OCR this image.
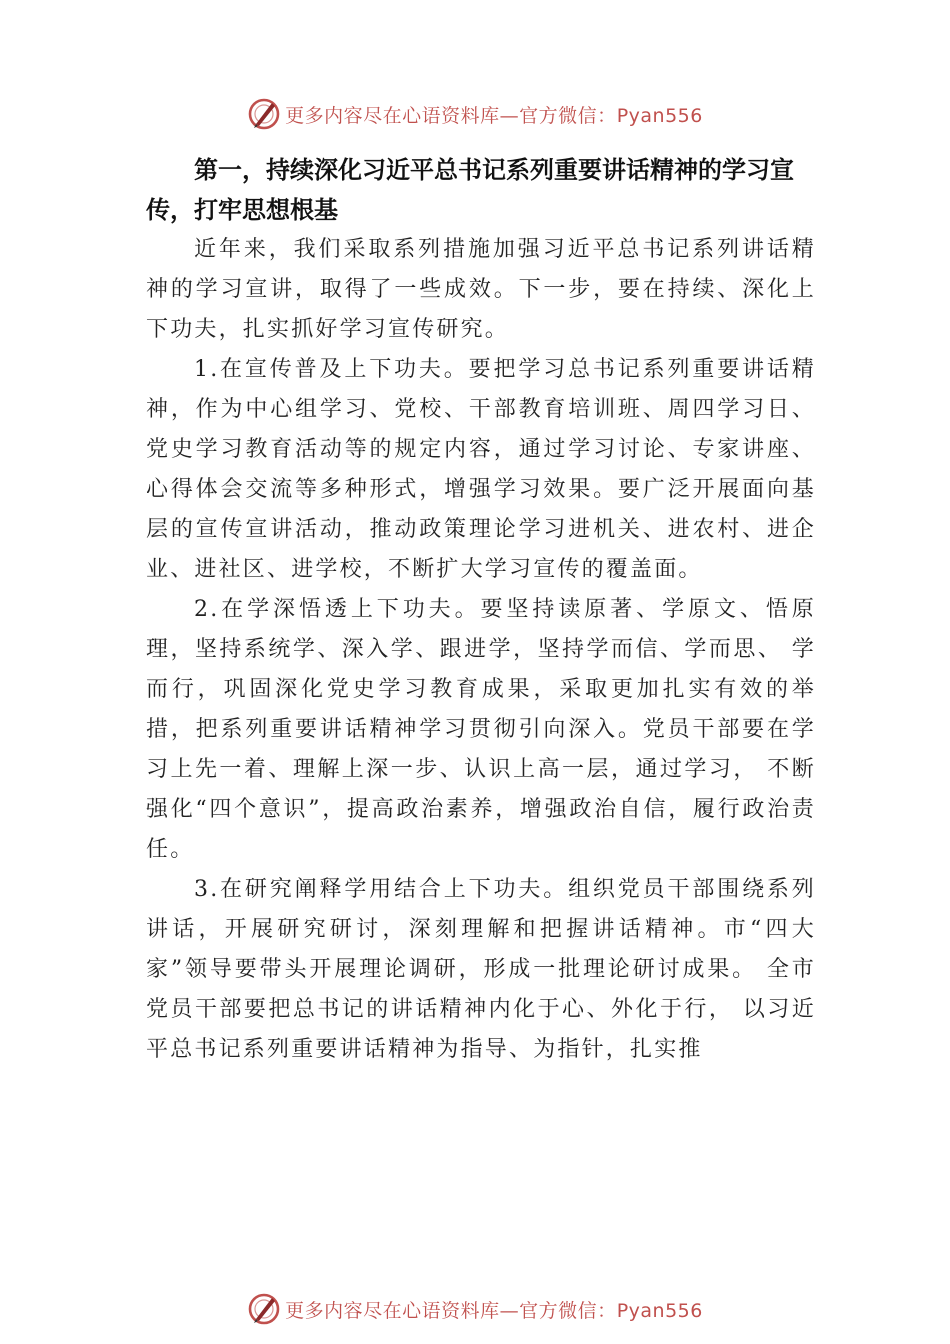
更多内容尽在心语资料库—官方微信：Pyan556

第一，持续深化习近平总书记系列重要讲话精神的学习宣传，打牢思想根基

近年来，我们采取系列措施加强习近平总书记系列讲话精神的学习宣讲，取得了一些成效。下一步，要在持续、深化上下功夫，扎实抓好学习宣传研究。

1.在宣传普及上下功夫。要把学习总书记系列重要讲话精神，作为中心组学习、党校、干部教育培训班、周四学习日、党史学习教育活动等的规定内容，通过学习讨论、专家讲座、心得体会交流等多种形式，增强学习效果。要广泛开展面向基层的宣传宣讲活动，推动政策理论学习进机关、进农村、进企业、进社区、进学校，不断扩大学习宣传的覆盖面。

2.在学深悟透上下功夫。要坚持读原著、学原文、悟原理，坚持系统学、深入学、跟进学，坚持学而信、学而思、 学而行，巩固深化党史学习教育成果，采取更加扎实有效的举措，把系列重要讲话精神学习贯彻引向深入。党员干部要在学习上先一着、理解上深一步、认识上高一层，通过学习， 不断强化“四个意识”，提高政治素养，增强政治自信，履行政治责任。

3.在研究阐释学用结合上下功夫。组织党员干部围绕系列讲话，开展研究研讨，深刻理解和把握讲话精神。市“四大家”领导要带头开展理论调研，形成一批理论研讨成果。 全市党员干部要把总书记的讲话精神内化于心、外化于行， 以习近平总书记系列重要讲话精神为指导、为指针，扎实推

更多内容尽在心语资料库—官方微信：Pyan556
